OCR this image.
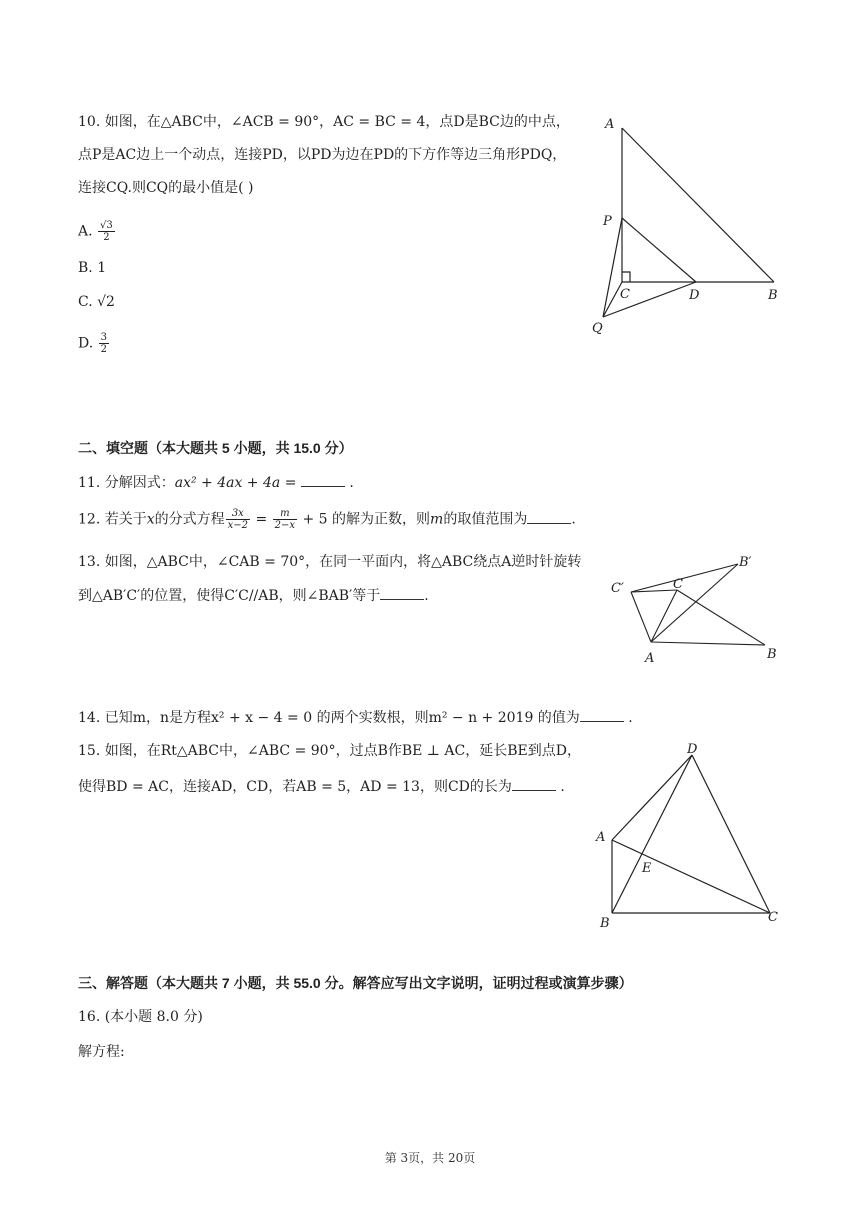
10. 如图，在△ABC中，∠ACB = 90°，AC = BC = 4，点D是BC边的中点，
点P是AC边上一个动点，连接PD，以PD为边在PD的下方作等边三角形PDQ，
连接CQ.则CQ的最小值是( )
A. $\frac{√3}{2}$
B. 1
C. √2
D. $\frac{3}{2}$
A
P
C	D	B
Q
二、填空题（本大题共 5 小题，共 15.0 分）
11. 分解因式：ax² + 4ax + 4a =	.
12. 若关于x的分式方程 $\frac{3x}{x-2} = \frac{m}{2-x} + 5$ 的解为正数，则m的取值范围为	.
13. 如图，△ABC中，∠CAB = 70°，在同一平面内，将△ABC绕点A逆时针旋转
到△AB′C′的位置，使得C′C//AB，则∠BAB′等于	.	C′	C
B′
A	B
14. 已知m，n是方程x² + x − 4 = 0 的两个实数根，则m² − n + 2019 的值为	.
15. 如图，在Rt△ABC中，∠ABC = 90°，过点B作BE ⊥ AC，延长BE到点D，
使得BD = AC，连接AD，CD，若AB = 5，AD = 13，则CD的长为	.
D
A
E
B	C
三、解答题（本大题共 7 小题，共 55.0 分。解答应写出文字说明，证明过程或演算步骤）
16. (本小题 8.0 分)
解方程:
第 3页，共 20页
